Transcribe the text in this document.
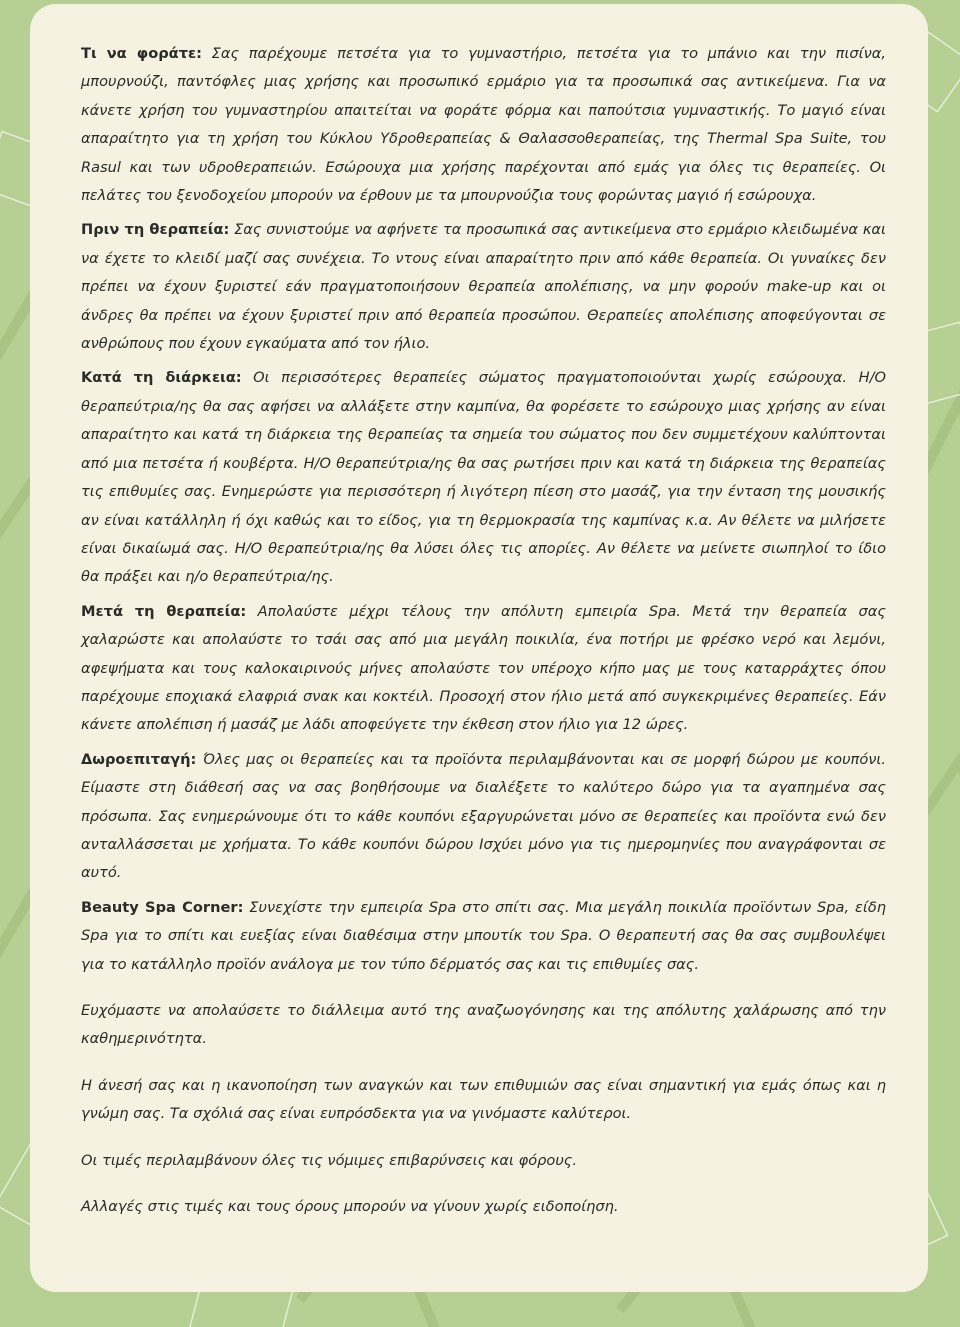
Τι να φοράτε: Σας παρέχουμε πετσέτα για το γυμναστήριο, πετσέτα για το μπάνιο και την πισίνα, μπουρνούζι, παντόφλες μιας χρήσης και προσωπικό ερμάριο για τα προσωπικά σας αντικείμενα. Για να κάνετε χρήση του γυμναστηρίου απαιτείται να φοράτε φόρμα και παπούτσια γυμναστικής. Το μαγιό είναι απαραίτητο για τη χρήση του Κύκλου Υδροθεραπείας & Θαλασσοθεραπείας, της Thermal Spa Suite, του Rasul και των υδροθεραπειών. Εσώρουχα μια χρήσης παρέχονται από εμάς για όλες τις θεραπείες. Οι πελάτες του ξενοδοχείου μπορούν να έρθουν με τα μπουρνούζια τους φορώντας μαγιό ή εσώρουχα.

Πριν τη θεραπεία: Σας συνιστούμε να αφήνετε τα προσωπικά σας αντικείμενα στο ερμάριο κλειδωμένα και να έχετε το κλειδί μαζί σας συνέχεια. Το ντους είναι απαραίτητο πριν από κάθε θεραπεία. Οι γυναίκες δεν πρέπει να έχουν ξυριστεί εάν πραγματοποιήσουν θεραπεία απολέπισης, να μην φορούν make-up και οι άνδρες θα πρέπει να έχουν ξυριστεί πριν από θεραπεία προσώπου. Θεραπείες απολέπισης αποφεύγονται σε ανθρώπους που έχουν εγκαύματα από τον ήλιο.

Κατά τη διάρκεια: Οι περισσότερες θεραπείες σώματος πραγματοποιούνται χωρίς εσώρουχα. Η/Ο θεραπεύτρια/ης θα σας αφήσει να αλλάξετε στην καμπίνα, θα φορέσετε το εσώρουχο μιας χρήσης αν είναι απαραίτητο και κατά τη διάρκεια της θεραπείας τα σημεία του σώματος που δεν συμμετέχουν καλύπτονται από μια πετσέτα ή κουβέρτα. Η/Ο θεραπεύτρια/ης θα σας ρωτήσει πριν και κατά τη διάρκεια της θεραπείας τις επιθυμίες σας. Ενημερώστε για περισσότερη ή λιγότερη πίεση στο μασάζ, για την ένταση της μουσικής αν είναι κατάλληλη ή όχι καθώς και το είδος, για τη θερμοκρασία της καμπίνας κ.α. Αν θέλετε να μιλήσετε είναι δικαίωμά σας. Η/Ο θεραπεύτρια/ης θα λύσει όλες τις απορίες. Αν θέλετε να μείνετε σιωπηλοί το ίδιο θα πράξει και η/ο θεραπεύτρια/ης.

Μετά τη θεραπεία: Απολαύστε μέχρι τέλους την απόλυτη εμπειρία Spa. Μετά την θεραπεία σας χαλαρώστε και απολαύστε το τσάι σας από μια μεγάλη ποικιλία, ένα ποτήρι με φρέσκο νερό και λεμόνι, αφεψήματα και τους καλοκαιρινούς μήνες απολαύστε τον υπέροχο κήπο μας με τους καταρράχτες όπου παρέχουμε εποχιακά ελαφριά σνακ και κοκτέιλ. Προσοχή στον ήλιο μετά από συγκεκριμένες θεραπείες. Εάν κάνετε απολέπιση ή μασάζ με λάδι αποφεύγετε την έκθεση στον ήλιο για 12 ώρες.

Δωροεπιταγή: Όλες μας οι θεραπείες και τα προϊόντα περιλαμβάνονται και σε μορφή δώρου με κουπόνι. Είμαστε στη διάθεσή σας να σας βοηθήσουμε να διαλέξετε το καλύτερο δώρο για τα αγαπημένα σας πρόσωπα. Σας ενημερώνουμε ότι το κάθε κουπόνι εξαργυρώνεται μόνο σε θεραπείες και προϊόντα ενώ δεν ανταλλάσσεται με χρήματα. Το κάθε κουπόνι δώρου Ισχύει μόνο για τις ημερομηνίες που αναγράφονται σε αυτό.

Beauty Spa Corner: Συνεχίστε την εμπειρία Spa στο σπίτι σας. Μια μεγάλη ποικιλία προϊόντων Spa, είδη Spa για το σπίτι και ευεξίας είναι διαθέσιμα στην μπουτίκ του Spa. Ο θεραπευτή σας θα σας συμβουλέψει για το κατάλληλο προϊόν ανάλογα με τον τύπο δέρματός σας και τις επιθυμίες σας.

Ευχόμαστε να απολαύσετε το διάλλειμα αυτό της αναζωογόνησης και της απόλυτης χαλάρωσης από την καθημερινότητα.

Η άνεσή σας και η ικανοποίηση των αναγκών και των επιθυμιών σας είναι σημαντική για εμάς όπως και η γνώμη σας. Τα σχόλιά σας είναι ευπρόσδεκτα για να γινόμαστε καλύτεροι.

Οι τιμές περιλαμβάνουν όλες τις νόμιμες επιβαρύνσεις και φόρους.

Αλλαγές στις τιμές και τους όρους μπορούν να γίνουν χωρίς ειδοποίηση.
